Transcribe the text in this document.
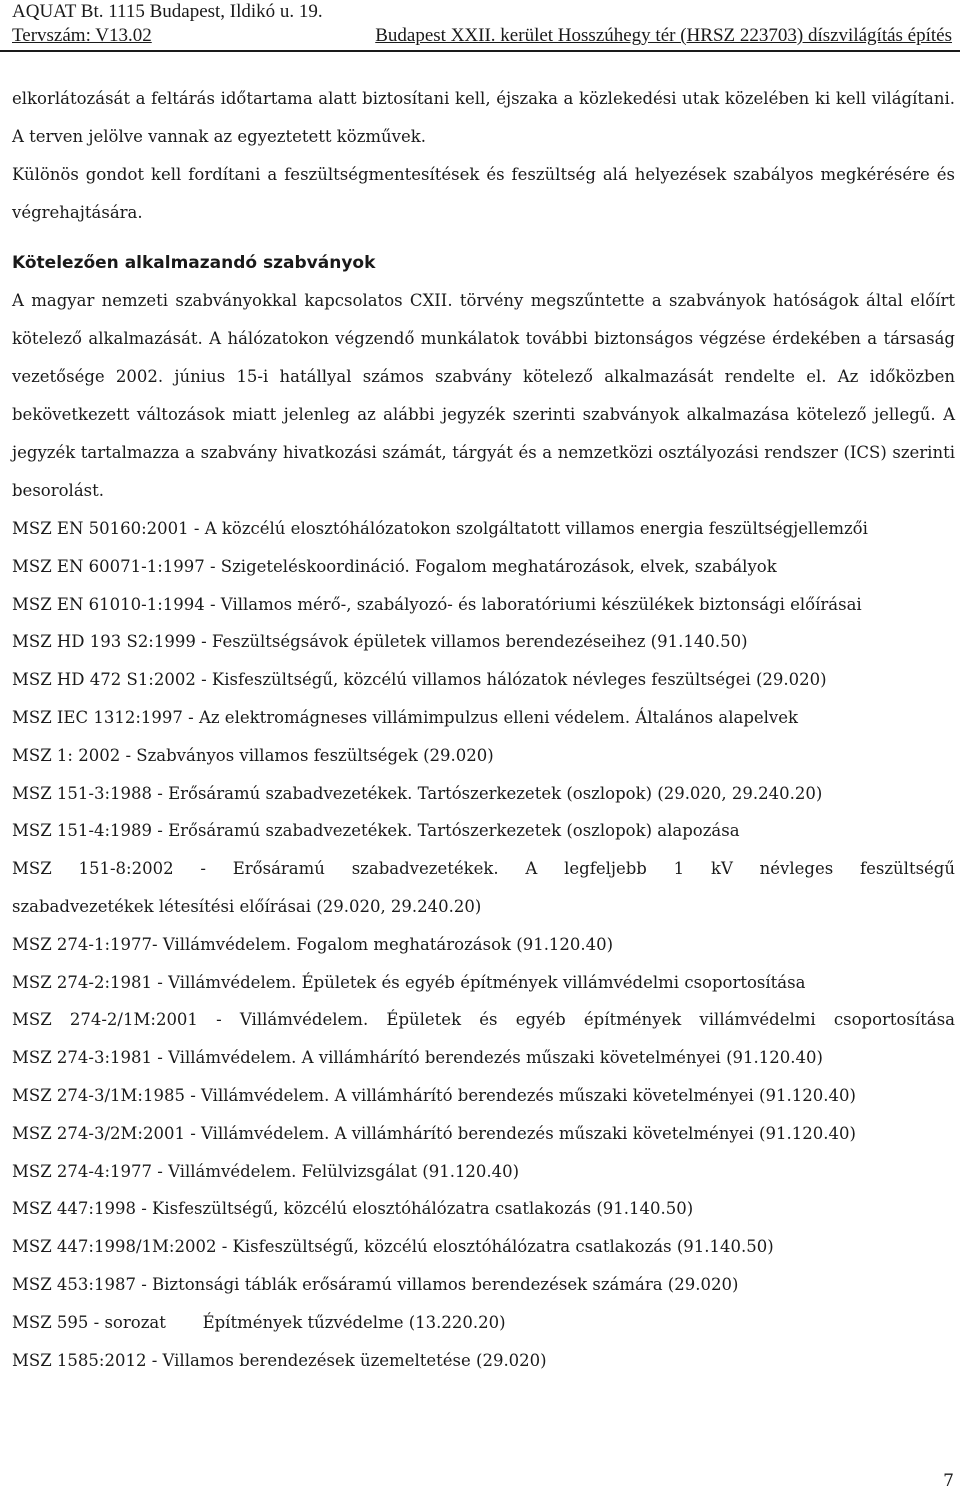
AQUAT Bt. 1115 Budapest, Ildikó u. 19.
Tervszám: V13.02	Budapest XXII. kerület Hosszúhegy tér (HRSZ 223703) díszvilágítás építés

elkorlátozását a feltárás időtartama alatt biztosítani kell, éjszaka a közlekedési utak közelében ki kell világítani. A terven jelölve vannak az egyeztetett közművek.

Különös gondot kell fordítani a feszültségmentesítések és feszültség alá helyezések szabályos megkérésére és végrehajtására.

Kötelezően alkalmazandó szabványok

A magyar nemzeti szabványokkal kapcsolatos CXII. törvény megszűntette a szabványok hatóságok által előírt kötelező alkalmazását. A hálózatokon végzendő munkálatok további biztonságos végzése érdekében a társaság vezetősége 2002. június 15-i hatállyal számos szabvány kötelező alkalmazását rendelte el. Az időközben bekövetkezett változások miatt jelenleg az alábbi jegyzék szerinti szabványok alkalmazása kötelező jellegű. A jegyzék tartalmazza a szabvány hivatkozási számát, tárgyát és a nemzetközi osztályozási rendszer (ICS) szerinti besorolást.

MSZ EN 50160:2001 - A közcélú elosztóhálózatokon szolgáltatott villamos energia feszültségjellemzői

MSZ EN 60071-1:1997 - Szigeteléskoordináció. Fogalom meghatározások, elvek, szabályok

MSZ EN 61010-1:1994 - Villamos mérő-, szabályozó- és laboratóriumi készülékek biztonsági előírásai

MSZ HD 193 S2:1999 - Feszültségsávok épületek villamos berendezéseihez (91.140.50)

MSZ HD 472 S1:2002 - Kisfeszültségű, közcélú villamos hálózatok névleges feszültségei (29.020)

MSZ IEC 1312:1997 - Az elektromágneses villámimpulzus elleni védelem. Általános alapelvek

MSZ 1: 2002 - Szabványos villamos feszültségek (29.020)

MSZ 151-3:1988 - Erősáramú szabadvezetékek. Tartószerkezetek (oszlopok) (29.020, 29.240.20)

MSZ 151-4:1989 - Erősáramú szabadvezetékek. Tartószerkezetek (oszlopok) alapozása

MSZ 151-8:2002 - Erősáramú szabadvezetékek. A legfeljebb 1 kV névleges feszültségű

szabadvezetékek létesítési előírásai (29.020, 29.240.20)

MSZ 274-1:1977- Villámvédelem. Fogalom meghatározások (91.120.40)

MSZ 274-2:1981 - Villámvédelem. Épületek és egyéb építmények villámvédelmi csoportosítása

MSZ 274-2/1M:2001 - Villámvédelem. Épületek és egyéb építmények villámvédelmi csoportosítása

MSZ 274-3:1981 - Villámvédelem. A villámhárító berendezés műszaki követelményei (91.120.40)

MSZ 274-3/1M:1985 - Villámvédelem. A villámhárító berendezés műszaki követelményei (91.120.40)

MSZ 274-3/2M:2001 - Villámvédelem. A villámhárító berendezés műszaki követelményei (91.120.40)

MSZ 274-4:1977 - Villámvédelem. Felülvizsgálat (91.120.40)

MSZ 447:1998 - Kisfeszültségű, közcélú elosztóhálózatra csatlakozás (91.140.50)

MSZ 447:1998/1M:2002 - Kisfeszültségű, közcélú elosztóhálózatra csatlakozás (91.140.50)

MSZ 453:1987 - Biztonsági táblák erősáramú villamos berendezések számára (29.020)

MSZ 595 - sorozat       Építmények tűzvédelme (13.220.20)

MSZ 1585:2012 - Villamos berendezések üzemeltetése (29.020)

7
